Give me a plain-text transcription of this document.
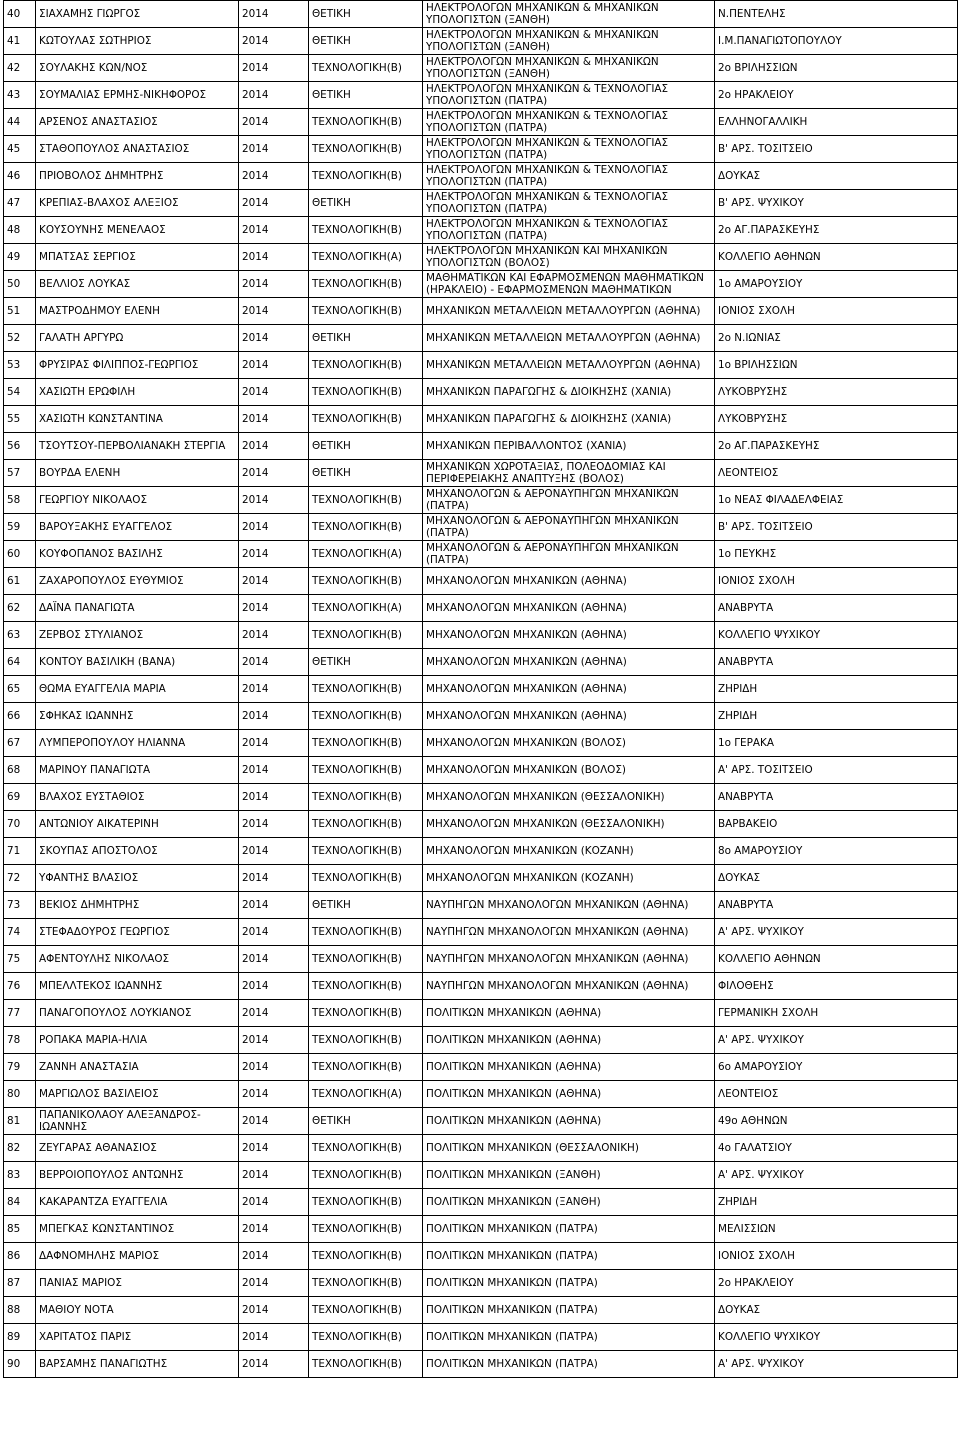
40	ΣΙΑΧΑΜΗΣ ΓΙΩΡΓΟΣ	2014	ΘΕΤΙΚΗ	ΗΛΕΚΤΡΟΛΟΓΩΝ ΜΗΧΑΝΙΚΩΝ & ΜΗΧΑΝΙΚΩΝ ΥΠΟΛΟΓΙΣΤΩΝ (ΞΑΝΘΗ)	Ν.ΠΕΝΤΕΛΗΣ
41	ΚΩΤΟΥΛΑΣ ΣΩΤΗΡΙΟΣ	2014	ΘΕΤΙΚΗ	ΗΛΕΚΤΡΟΛΟΓΩΝ ΜΗΧΑΝΙΚΩΝ & ΜΗΧΑΝΙΚΩΝ ΥΠΟΛΟΓΙΣΤΩΝ (ΞΑΝΘΗ)	Ι.Μ.ΠΑΝΑΓΙΩΤΟΠΟΥΛΟΥ
42	ΣΟΥΛΑΚΗΣ ΚΩΝ/ΝΟΣ	2014	ΤΕΧΝΟΛΟΓΙΚΗ(Β)	ΗΛΕΚΤΡΟΛΟΓΩΝ ΜΗΧΑΝΙΚΩΝ & ΜΗΧΑΝΙΚΩΝ ΥΠΟΛΟΓΙΣΤΩΝ (ΞΑΝΘΗ)	2ο ΒΡΙΛΗΣΣΙΩΝ
43	ΣΟΥΜΑΛΙΑΣ ΕΡΜΗΣ-ΝΙΚΗΦΟΡΟΣ	2014	ΘΕΤΙΚΗ	ΗΛΕΚΤΡΟΛΟΓΩΝ ΜΗΧΑΝΙΚΩΝ & ΤΕΧΝΟΛΟΓΙΑΣ ΥΠΟΛΟΓΙΣΤΩΝ (ΠΑΤΡΑ)	2ο ΗΡΑΚΛΕΙΟΥ
44	ΑΡΣΕΝΟΣ ΑΝΑΣΤΑΣΙΟΣ	2014	ΤΕΧΝΟΛΟΓΙΚΗ(Β)	ΗΛΕΚΤΡΟΛΟΓΩΝ ΜΗΧΑΝΙΚΩΝ & ΤΕΧΝΟΛΟΓΙΑΣ ΥΠΟΛΟΓΙΣΤΩΝ (ΠΑΤΡΑ)	ΕΛΛΗΝΟΓΑΛΛΙΚΗ
45	ΣΤΑΘΟΠΟΥΛΟΣ ΑΝΑΣΤΑΣΙΟΣ	2014	ΤΕΧΝΟΛΟΓΙΚΗ(Β)	ΗΛΕΚΤΡΟΛΟΓΩΝ ΜΗΧΑΝΙΚΩΝ & ΤΕΧΝΟΛΟΓΙΑΣ ΥΠΟΛΟΓΙΣΤΩΝ (ΠΑΤΡΑ)	Β' ΑΡΣ. ΤΟΣΙΤΣΕΙΟ
46	ΠΡΙΟΒΟΛΟΣ ΔΗΜΗΤΡΗΣ	2014	ΤΕΧΝΟΛΟΓΙΚΗ(Β)	ΗΛΕΚΤΡΟΛΟΓΩΝ ΜΗΧΑΝΙΚΩΝ & ΤΕΧΝΟΛΟΓΙΑΣ ΥΠΟΛΟΓΙΣΤΩΝ (ΠΑΤΡΑ)	ΔΟΥΚΑΣ
47	ΚΡΕΠΙΑΣ-ΒΛΑΧΟΣ ΑΛΕΞΙΟΣ	2014	ΘΕΤΙΚΗ	ΗΛΕΚΤΡΟΛΟΓΩΝ ΜΗΧΑΝΙΚΩΝ & ΤΕΧΝΟΛΟΓΙΑΣ ΥΠΟΛΟΓΙΣΤΩΝ (ΠΑΤΡΑ)	Β' ΑΡΣ. ΨΥΧΙΚΟΥ
48	ΚΟΥΣΟΥΝΗΣ ΜΕΝΕΛΑΟΣ	2014	ΤΕΧΝΟΛΟΓΙΚΗ(Β)	ΗΛΕΚΤΡΟΛΟΓΩΝ ΜΗΧΑΝΙΚΩΝ & ΤΕΧΝΟΛΟΓΙΑΣ ΥΠΟΛΟΓΙΣΤΩΝ (ΠΑΤΡΑ)	2ο ΑΓ.ΠΑΡΑΣΚΕΥΗΣ
49	ΜΠΑΤΣΑΣ ΣΕΡΓΙΟΣ	2014	ΤΕΧΝΟΛΟΓΙΚΗ(Α)	ΗΛΕΚΤΡΟΛΟΓΩΝ ΜΗΧΑΝΙΚΩΝ ΚΑΙ ΜΗΧΑΝΙΚΩΝ ΥΠΟΛΟΓΙΣΤΩΝ (ΒΟΛΟΣ)	ΚΟΛΛΕΓΙΟ ΑΘΗΝΩΝ
50	ΒΕΛΛΙΟΣ ΛΟΥΚΑΣ	2014	ΤΕΧΝΟΛΟΓΙΚΗ(Β)	ΜΑΘΗΜΑΤΙΚΩΝ ΚΑΙ ΕΦΑΡΜΟΣΜΕΝΩΝ ΜΑΘΗΜΑΤΙΚΩΝ (ΗΡΑΚΛΕΙΟ) - ΕΦΑΡΜΟΣΜΕΝΩΝ ΜΑΘΗΜΑΤΙΚΩΝ	1ο ΑΜΑΡΟΥΣΙΟΥ
51	ΜΑΣΤΡΟΔΗΜΟΥ ΕΛΕΝΗ	2014	ΤΕΧΝΟΛΟΓΙΚΗ(Β)	ΜΗΧΑΝΙΚΩΝ ΜΕΤΑΛΛΕΙΩΝ ΜΕΤΑΛΛΟΥΡΓΩΝ (ΑΘΗΝΑ)	ΙΟΝΙΟΣ ΣΧΟΛΗ
52	ΓΑΛΑΤΗ ΑΡΓΥΡΩ	2014	ΘΕΤΙΚΗ	ΜΗΧΑΝΙΚΩΝ ΜΕΤΑΛΛΕΙΩΝ ΜΕΤΑΛΛΟΥΡΓΩΝ (ΑΘΗΝΑ)	2ο Ν.ΙΩΝΙΑΣ
53	ΦΡΥΣΙΡΑΣ ΦΙΛΙΠΠΟΣ-ΓΕΩΡΓΙΟΣ	2014	ΤΕΧΝΟΛΟΓΙΚΗ(Β)	ΜΗΧΑΝΙΚΩΝ ΜΕΤΑΛΛΕΙΩΝ ΜΕΤΑΛΛΟΥΡΓΩΝ (ΑΘΗΝΑ)	1ο ΒΡΙΛΗΣΣΙΩΝ
54	ΧΑΣΙΩΤΗ ΕΡΩΦΙΛΗ	2014	ΤΕΧΝΟΛΟΓΙΚΗ(Β)	ΜΗΧΑΝΙΚΩΝ ΠΑΡΑΓΩΓΗΣ & ΔΙΟΙΚΗΣΗΣ (ΧΑΝΙΑ)	ΛΥΚΟΒΡΥΣΗΣ
55	ΧΑΣΙΩΤΗ ΚΩΝΣΤΑΝΤΙΝΑ	2014	ΤΕΧΝΟΛΟΓΙΚΗ(Β)	ΜΗΧΑΝΙΚΩΝ ΠΑΡΑΓΩΓΗΣ & ΔΙΟΙΚΗΣΗΣ (ΧΑΝΙΑ)	ΛΥΚΟΒΡΥΣΗΣ
56	ΤΣΟΥΤΣΟΥ-ΠΕΡΒΟΛΙΑΝΑΚΗ ΣΤΕΡΓΙΑ	2014	ΘΕΤΙΚΗ	ΜΗΧΑΝΙΚΩΝ ΠΕΡΙΒΑΛΛΟΝΤΟΣ (ΧΑΝΙΑ)	2ο ΑΓ.ΠΑΡΑΣΚΕΥΗΣ
57	ΒΟΥΡΔΑ ΕΛΕΝΗ	2014	ΘΕΤΙΚΗ	ΜΗΧΑΝΙΚΩΝ ΧΩΡΟΤΑΞΙΑΣ, ΠΟΛΕΟΔΟΜΙΑΣ ΚΑΙ ΠΕΡΙΦΕΡΕΙΑΚΗΣ ΑΝΑΠΤΥΞΗΣ (ΒΟΛΟΣ)	ΛΕΟΝΤΕΙΟΣ
58	ΓΕΩΡΓΙΟΥ ΝΙΚΟΛΑΟΣ	2014	ΤΕΧΝΟΛΟΓΙΚΗ(Β)	ΜΗΧΑΝΟΛΟΓΩΝ & ΑΕΡΟΝΑΥΠΗΓΩΝ ΜΗΧΑΝΙΚΩΝ (ΠΑΤΡΑ)	1ο ΝΕΑΣ ΦΙΛΑΔΕΛΦΕΙΑΣ
59	ΒΑΡΟΥΞΑΚΗΣ ΕΥΑΓΓΕΛΟΣ	2014	ΤΕΧΝΟΛΟΓΙΚΗ(Β)	ΜΗΧΑΝΟΛΟΓΩΝ & ΑΕΡΟΝΑΥΠΗΓΩΝ ΜΗΧΑΝΙΚΩΝ (ΠΑΤΡΑ)	Β' ΑΡΣ. ΤΟΣΙΤΣΕΙΟ
60	ΚΟΥΦΟΠΑΝΟΣ ΒΑΣΙΛΗΣ	2014	ΤΕΧΝΟΛΟΓΙΚΗ(Α)	ΜΗΧΑΝΟΛΟΓΩΝ & ΑΕΡΟΝΑΥΠΗΓΩΝ ΜΗΧΑΝΙΚΩΝ (ΠΑΤΡΑ)	1ο ΠΕΥΚΗΣ
61	ΖΑΧΑΡΟΠΟΥΛΟΣ ΕΥΘΥΜΙΟΣ	2014	ΤΕΧΝΟΛΟΓΙΚΗ(Β)	ΜΗΧΑΝΟΛΟΓΩΝ ΜΗΧΑΝΙΚΩΝ (ΑΘΗΝΑ)	ΙΟΝΙΟΣ ΣΧΟΛΗ
62	ΔΑΪΝΑ ΠΑΝΑΓΙΩΤΑ	2014	ΤΕΧΝΟΛΟΓΙΚΗ(Α)	ΜΗΧΑΝΟΛΟΓΩΝ ΜΗΧΑΝΙΚΩΝ (ΑΘΗΝΑ)	ΑΝΑΒΡΥΤΑ
63	ΖΕΡΒΟΣ ΣΤΥΛΙΑΝΟΣ	2014	ΤΕΧΝΟΛΟΓΙΚΗ(Β)	ΜΗΧΑΝΟΛΟΓΩΝ ΜΗΧΑΝΙΚΩΝ (ΑΘΗΝΑ)	ΚΟΛΛΕΓΙΟ ΨΥΧΙΚΟΥ
64	ΚΟΝΤΟΥ ΒΑΣΙΛΙΚΗ (ΒΑΝΑ)	2014	ΘΕΤΙΚΗ	ΜΗΧΑΝΟΛΟΓΩΝ ΜΗΧΑΝΙΚΩΝ (ΑΘΗΝΑ)	ΑΝΑΒΡΥΤΑ
65	ΘΩΜΑ ΕΥΑΓΓΕΛΙΑ ΜΑΡΙΑ	2014	ΤΕΧΝΟΛΟΓΙΚΗ(Β)	ΜΗΧΑΝΟΛΟΓΩΝ ΜΗΧΑΝΙΚΩΝ (ΑΘΗΝΑ)	ΖΗΡΙΔΗ
66	ΣΦΗΚΑΣ ΙΩΑΝΝΗΣ	2014	ΤΕΧΝΟΛΟΓΙΚΗ(Β)	ΜΗΧΑΝΟΛΟΓΩΝ ΜΗΧΑΝΙΚΩΝ (ΑΘΗΝΑ)	ΖΗΡΙΔΗ
67	ΛΥΜΠΕΡΟΠΟΥΛΟΥ ΗΛΙΑΝΝΑ	2014	ΤΕΧΝΟΛΟΓΙΚΗ(Β)	ΜΗΧΑΝΟΛΟΓΩΝ ΜΗΧΑΝΙΚΩΝ (ΒΟΛΟΣ)	1ο ΓΕΡΑΚΑ
68	ΜΑΡΙΝΟΥ ΠΑΝΑΓΙΩΤΑ	2014	ΤΕΧΝΟΛΟΓΙΚΗ(Β)	ΜΗΧΑΝΟΛΟΓΩΝ ΜΗΧΑΝΙΚΩΝ (ΒΟΛΟΣ)	Α' ΑΡΣ. ΤΟΣΙΤΣΕΙΟ
69	ΒΛΑΧΟΣ ΕΥΣΤΑΘΙΟΣ	2014	ΤΕΧΝΟΛΟΓΙΚΗ(Β)	ΜΗΧΑΝΟΛΟΓΩΝ ΜΗΧΑΝΙΚΩΝ (ΘΕΣΣΑΛΟΝΙΚΗ)	ΑΝΑΒΡΥΤΑ
70	ΑΝΤΩΝΙΟΥ ΑΙΚΑΤΕΡΙΝΗ	2014	ΤΕΧΝΟΛΟΓΙΚΗ(Β)	ΜΗΧΑΝΟΛΟΓΩΝ ΜΗΧΑΝΙΚΩΝ (ΘΕΣΣΑΛΟΝΙΚΗ)	ΒΑΡΒΑΚΕΙΟ
71	ΣΚΟΥΠΑΣ ΑΠΟΣΤΟΛΟΣ	2014	ΤΕΧΝΟΛΟΓΙΚΗ(Β)	ΜΗΧΑΝΟΛΟΓΩΝ ΜΗΧΑΝΙΚΩΝ (ΚΟΖΑΝΗ)	8ο ΑΜΑΡΟΥΣΙΟΥ
72	ΥΦΑΝΤΗΣ ΒΛΑΣΙΟΣ	2014	ΤΕΧΝΟΛΟΓΙΚΗ(Β)	ΜΗΧΑΝΟΛΟΓΩΝ ΜΗΧΑΝΙΚΩΝ (ΚΟΖΑΝΗ)	ΔΟΥΚΑΣ
73	ΒΕΚΙΟΣ ΔΗΜΗΤΡΗΣ	2014	ΘΕΤΙΚΗ	ΝΑΥΠΗΓΩΝ ΜΗΧΑΝΟΛΟΓΩΝ ΜΗΧΑΝΙΚΩΝ (ΑΘΗΝΑ)	ΑΝΑΒΡΥΤΑ
74	ΣΤΕΦΑΔΟΥΡΟΣ ΓΕΩΡΓΙΟΣ	2014	ΤΕΧΝΟΛΟΓΙΚΗ(Β)	ΝΑΥΠΗΓΩΝ ΜΗΧΑΝΟΛΟΓΩΝ ΜΗΧΑΝΙΚΩΝ (ΑΘΗΝΑ)	Α' ΑΡΣ. ΨΥΧΙΚΟΥ
75	ΑΦΕΝΤΟΥΛΗΣ ΝΙΚΟΛΑΟΣ	2014	ΤΕΧΝΟΛΟΓΙΚΗ(Β)	ΝΑΥΠΗΓΩΝ ΜΗΧΑΝΟΛΟΓΩΝ ΜΗΧΑΝΙΚΩΝ (ΑΘΗΝΑ)	ΚΟΛΛΕΓΙΟ ΑΘΗΝΩΝ
76	ΜΠΕΛΛΤΕΚΟΣ ΙΩΑΝΝΗΣ	2014	ΤΕΧΝΟΛΟΓΙΚΗ(Β)	ΝΑΥΠΗΓΩΝ ΜΗΧΑΝΟΛΟΓΩΝ ΜΗΧΑΝΙΚΩΝ (ΑΘΗΝΑ)	ΦΙΛΟΘΕΗΣ
77	ΠΑΝΑΓΟΠΟΥΛΟΣ ΛΟΥΚΙΑΝΟΣ	2014	ΤΕΧΝΟΛΟΓΙΚΗ(Β)	ΠΟΛΙΤΙΚΩΝ ΜΗΧΑΝΙΚΩΝ (ΑΘΗΝΑ)	ΓΕΡΜΑΝΙΚΗ ΣΧΟΛΗ
78	ΡΟΠΑΚΑ ΜΑΡΙΑ-ΗΛΙΑ	2014	ΤΕΧΝΟΛΟΓΙΚΗ(Β)	ΠΟΛΙΤΙΚΩΝ ΜΗΧΑΝΙΚΩΝ (ΑΘΗΝΑ)	Α' ΑΡΣ. ΨΥΧΙΚΟΥ
79	ΖΑΝΝΗ ΑΝΑΣΤΑΣΙΑ	2014	ΤΕΧΝΟΛΟΓΙΚΗ(Β)	ΠΟΛΙΤΙΚΩΝ ΜΗΧΑΝΙΚΩΝ (ΑΘΗΝΑ)	6ο ΑΜΑΡΟΥΣΙΟΥ
80	ΜΑΡΓΙΩΛΟΣ ΒΑΣΙΛΕΙΟΣ	2014	ΤΕΧΝΟΛΟΓΙΚΗ(Α)	ΠΟΛΙΤΙΚΩΝ ΜΗΧΑΝΙΚΩΝ (ΑΘΗΝΑ)	ΛΕΟΝΤΕΙΟΣ
81	ΠΑΠΑΝΙΚΟΛΑΟΥ ΑΛΕΞΑΝΔΡΟΣ-ΙΩΑΝΝΗΣ	2014	ΘΕΤΙΚΗ	ΠΟΛΙΤΙΚΩΝ ΜΗΧΑΝΙΚΩΝ (ΑΘΗΝΑ)	49ο ΑΘΗΝΩΝ
82	ΖΕΥΓΑΡΑΣ ΑΘΑΝΑΣΙΟΣ	2014	ΤΕΧΝΟΛΟΓΙΚΗ(Β)	ΠΟΛΙΤΙΚΩΝ ΜΗΧΑΝΙΚΩΝ (ΘΕΣΣΑΛΟΝΙΚΗ)	4ο ΓΑΛΑΤΣΙΟΥ
83	ΒΕΡΡΟΙΟΠΟΥΛΟΣ ΑΝΤΩΝΗΣ	2014	ΤΕΧΝΟΛΟΓΙΚΗ(Β)	ΠΟΛΙΤΙΚΩΝ ΜΗΧΑΝΙΚΩΝ (ΞΑΝΘΗ)	Α' ΑΡΣ. ΨΥΧΙΚΟΥ
84	ΚΑΚΑΡΑΝΤΖΑ ΕΥΑΓΓΕΛΙΑ	2014	ΤΕΧΝΟΛΟΓΙΚΗ(Β)	ΠΟΛΙΤΙΚΩΝ ΜΗΧΑΝΙΚΩΝ (ΞΑΝΘΗ)	ΖΗΡΙΔΗ
85	ΜΠΕΓΚΑΣ ΚΩΝΣΤΑΝΤΙΝΟΣ	2014	ΤΕΧΝΟΛΟΓΙΚΗ(Β)	ΠΟΛΙΤΙΚΩΝ ΜΗΧΑΝΙΚΩΝ (ΠΑΤΡΑ)	ΜΕΛΙΣΣΙΩΝ
86	ΔΑΦΝΟΜΗΛΗΣ ΜΑΡΙΟΣ	2014	ΤΕΧΝΟΛΟΓΙΚΗ(Β)	ΠΟΛΙΤΙΚΩΝ ΜΗΧΑΝΙΚΩΝ (ΠΑΤΡΑ)	ΙΟΝΙΟΣ ΣΧΟΛΗ
87	ΠΑΝΙΑΣ ΜΑΡΙΟΣ	2014	ΤΕΧΝΟΛΟΓΙΚΗ(Β)	ΠΟΛΙΤΙΚΩΝ ΜΗΧΑΝΙΚΩΝ (ΠΑΤΡΑ)	2ο ΗΡΑΚΛΕΙΟΥ
88	ΜΑΘΙΟΥ ΝΟΤΑ	2014	ΤΕΧΝΟΛΟΓΙΚΗ(Β)	ΠΟΛΙΤΙΚΩΝ ΜΗΧΑΝΙΚΩΝ (ΠΑΤΡΑ)	ΔΟΥΚΑΣ
89	ΧΑΡΙΤΑΤΟΣ ΠΑΡΙΣ	2014	ΤΕΧΝΟΛΟΓΙΚΗ(Β)	ΠΟΛΙΤΙΚΩΝ ΜΗΧΑΝΙΚΩΝ (ΠΑΤΡΑ)	ΚΟΛΛΕΓΙΟ ΨΥΧΙΚΟΥ
90	ΒΑΡΣΑΜΗΣ ΠΑΝΑΓΙΩΤΗΣ	2014	ΤΕΧΝΟΛΟΓΙΚΗ(Β)	ΠΟΛΙΤΙΚΩΝ ΜΗΧΑΝΙΚΩΝ (ΠΑΤΡΑ)	Α' ΑΡΣ. ΨΥΧΙΚΟΥ
